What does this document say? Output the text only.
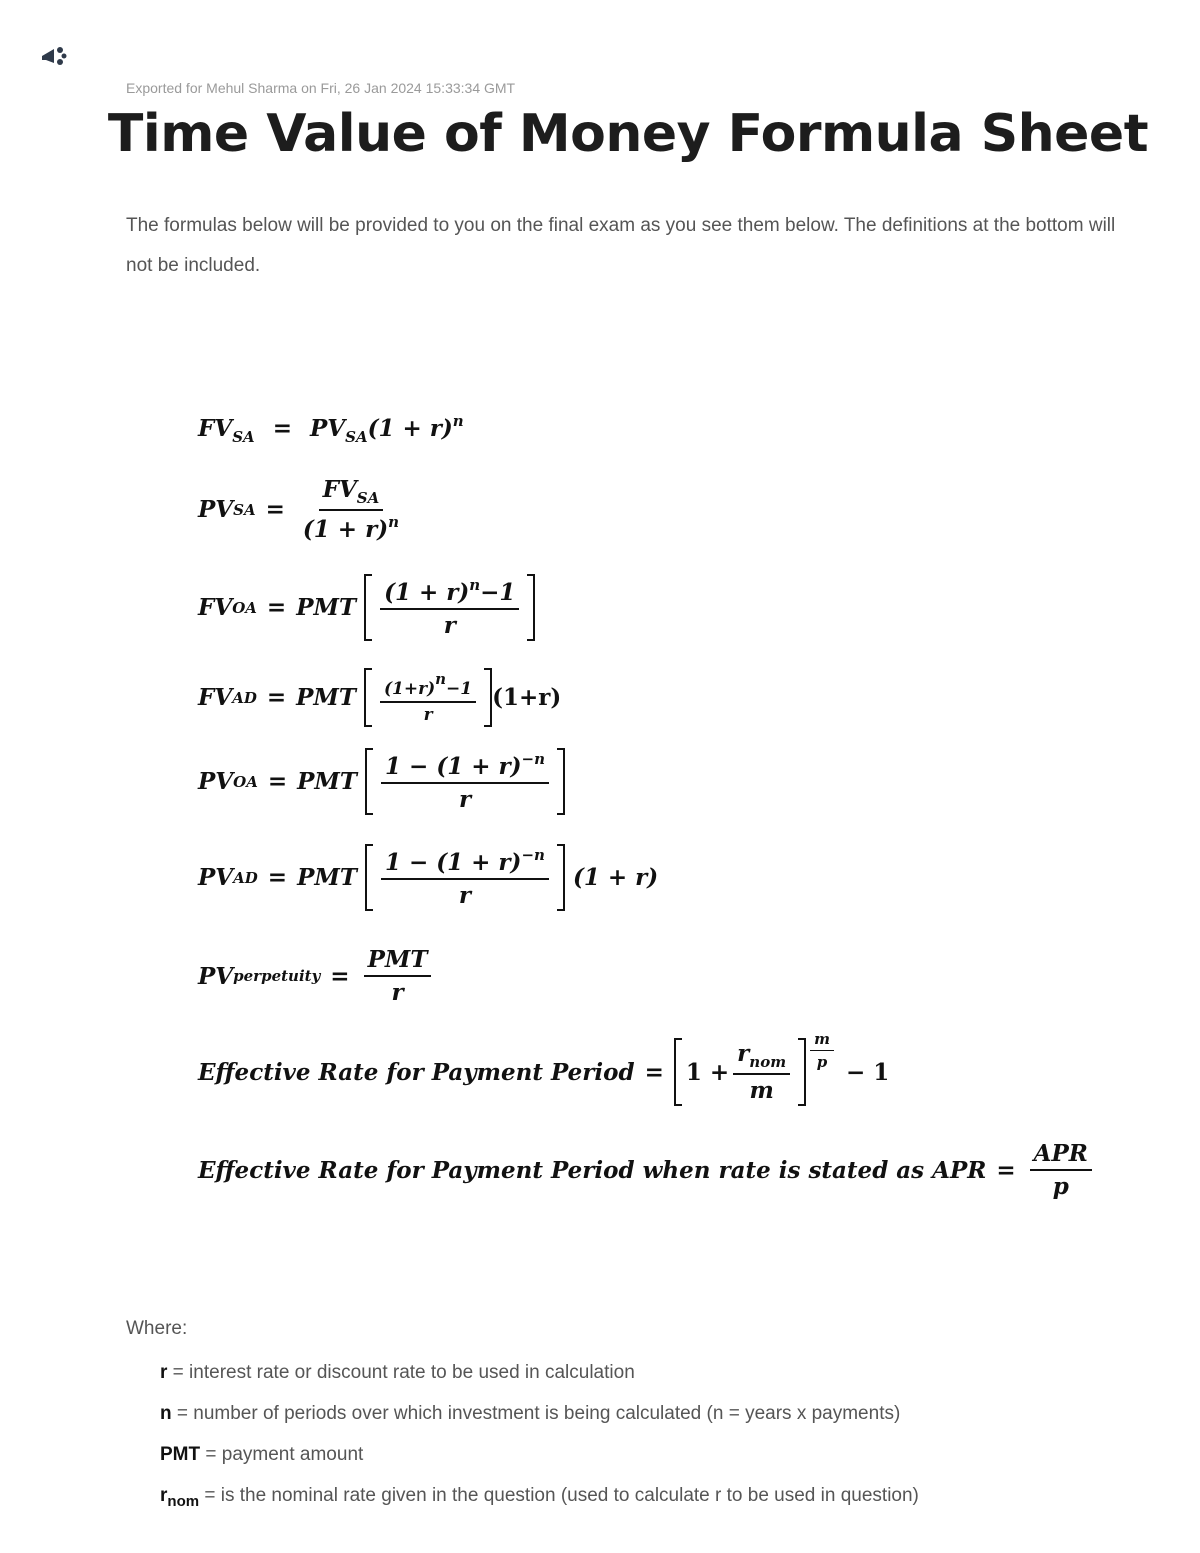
Exported for Mehul Sharma on Fri, 26 Jan 2024 15:33:34 GMT
Time Value of Money Formula Sheet

The formulas below will be provided to you on the final exam as you see them below. The definitions at the bottom will not be included.

$FV_{SA} = PV_{SA}(1 + r)^n$
PV SA = $\frac{FV_{SA}}{(1 + r)^n}$
FV OA = PMT
$\frac{(1 + r)^n-1}{r}$
FV AD = PMT
$\frac{(1+r)n-1}{r} (1+r)$
PV OA = PMT
$\frac{1 - (1 + r)^{-n}}{r}$
PV AD = PMT
$\frac{1 - (1 + r)^{-n}}{r}$
(1 + r)
PV perpetuity = $\frac{\text{PMT}}{r}$
Effective Rate for Payment Period = $1 + \frac{r_{nom}}{m} \frac{m}{p}$

− 1
Effective Rate for Payment Period when rate is stated as APR = $\frac{\text{APR}}{p}$
Where:
r = interest rate or discount rate to be used in calculation
n = number of periods over which investment is being calculated (n = years x payments)
PMT = payment amount
$r_{nom}$ = is the nominal rate given in the question (used to calculate r to be used in question)
